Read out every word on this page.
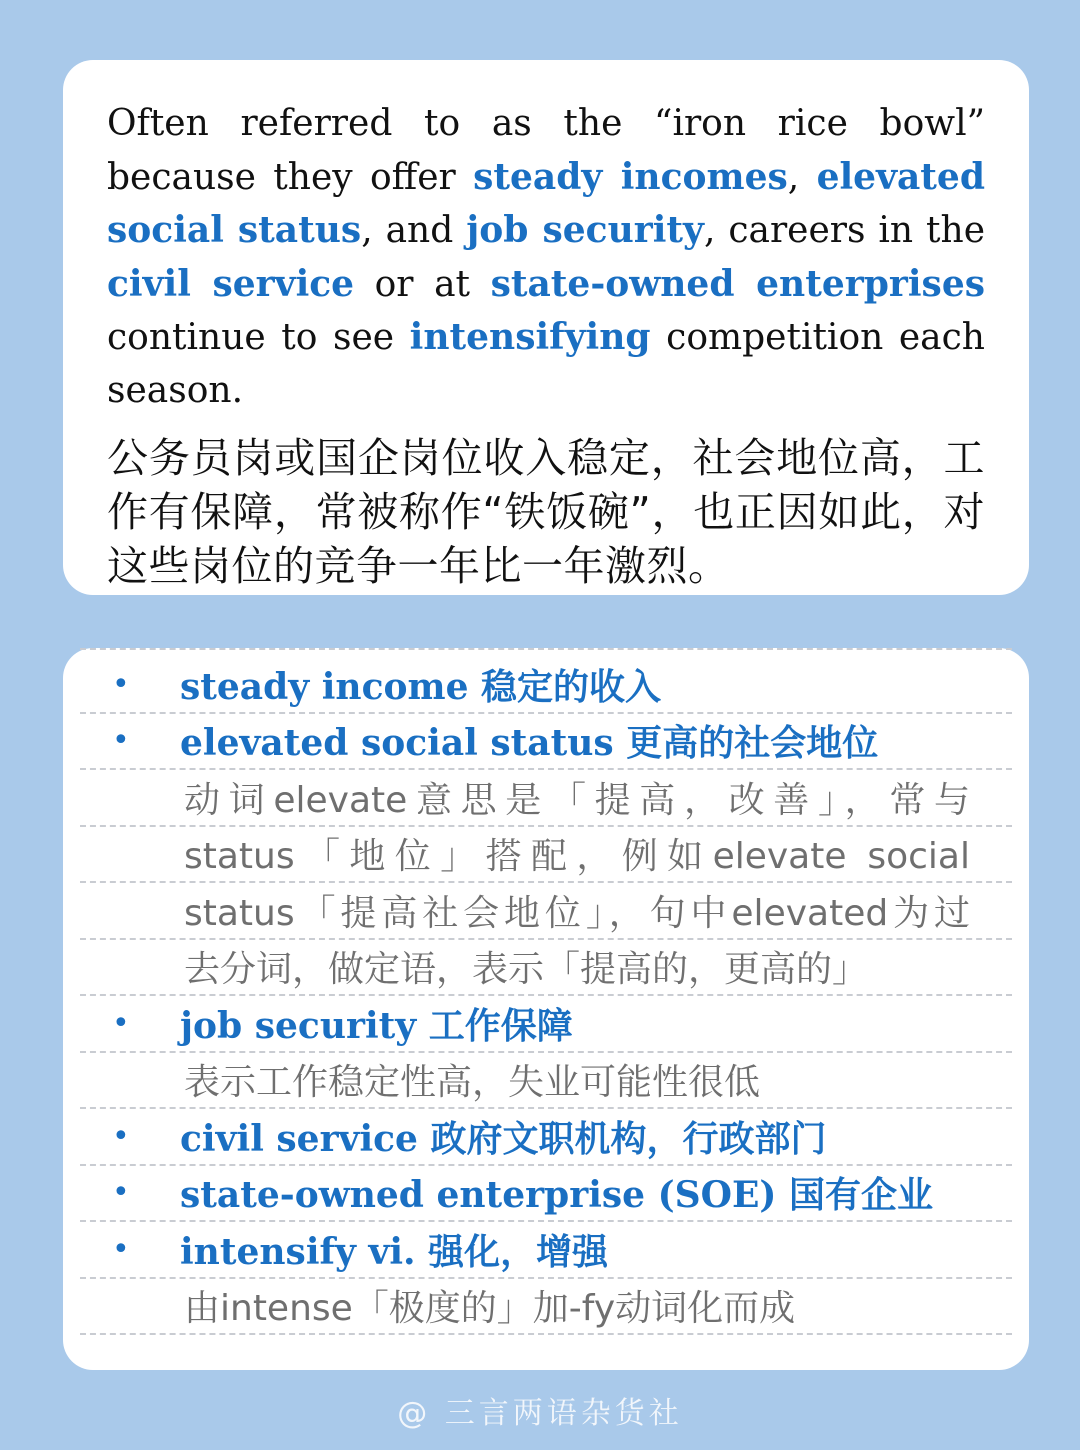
Often referred to as the “iron rice bowl” because they offer steady incomes, elevated social status, and job security, careers in the civil service or at state-owned enterprises continue to see intensifying competition each season.

公务员岗或国企岗位收入稳定，社会地位高，工作有保障，常被称作“铁饭碗”，也正因如此，对这些岗位的竞争一年比一年激烈。

• steady income 稳定的收入
• elevated social status 更高的社会地位
动词elevate意思是「提高，改善」，常与
status「地位」搭配，例如elevate social
status「提高社会地位」，句中elevated为过
去分词，做定语，表示「提高的，更高的」
• job security 工作保障
表示工作稳定性高，失业可能性很低
• civil service 政府文职机构，行政部门
• state-owned enterprise (SOE) 国有企业
• intensify vi. 强化，增强
由intense「极度的」加-fy动词化而成
@ 三言两语杂货社
